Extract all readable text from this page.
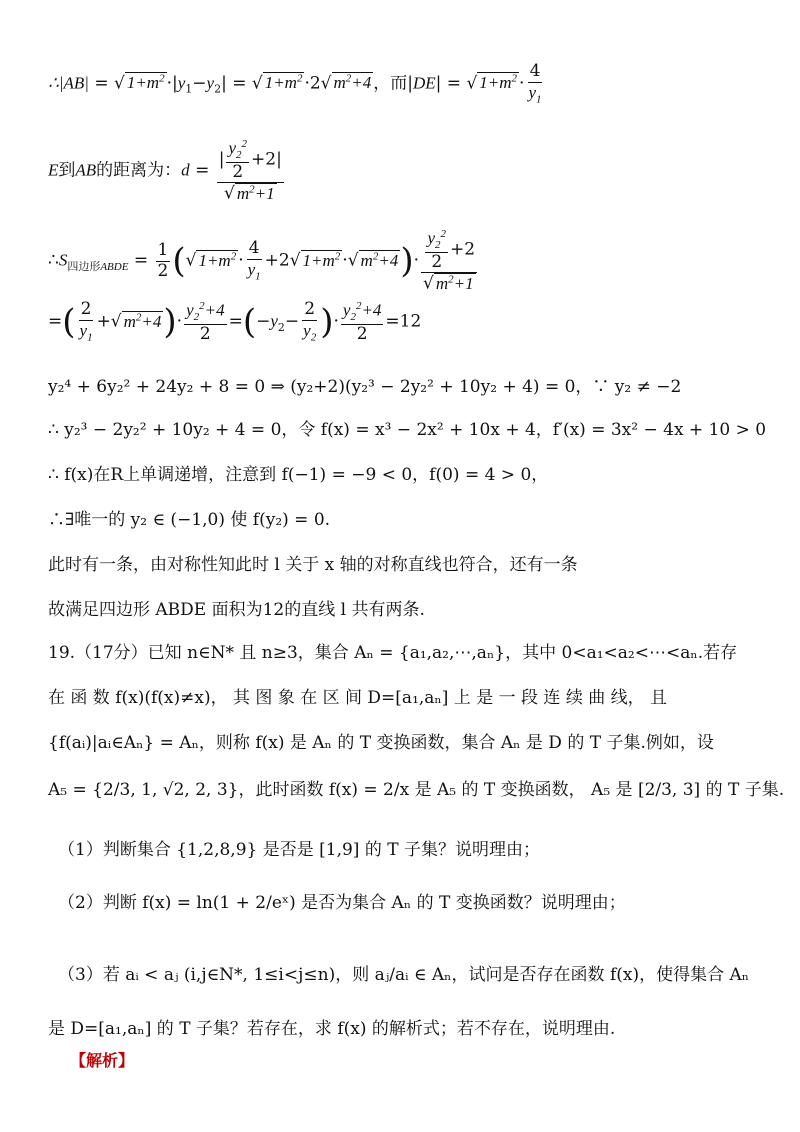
∴|AB| = √ $1+m^2 \cdot|y_1-y_2|$ = √ $1+m^2 \cdot 2√$ $m^2+4$ ，而|DE| = √ $1+m^2 \cdot \frac{4}{y_1}$
E到AB的距离为：$d = \frac{| \frac{y_2^2}{2} +2|}{√ m^2+1}$
$\therefore S_{四边形ABDE} = \frac{1}{2}$ (√ $1+m^2 \cdot \frac{4}{y_1} +2√$ $1+m^2$ ·√ $m^2+4)\cdot \frac{\frac{y_2^2}{2} +2}{√ m^2+1}$
=( $\frac{2}{y_1}$ +√ $m^2+4)\cdot \frac{y_2^2+4}{2} =(-y_2- \frac{2}{y_2}$ )· $\frac{y_2^2+4}{2} =12$
y₂⁴ + 6y₂² + 24y₂ + 8 = 0 ⇒ (y₂+2)(y₂³ − 2y₂² + 10y₂ + 4) = 0，∵ y₂ ≠ −2
∴ y₂³ − 2y₂² + 10y₂ + 4 = 0，令 f(x) = x³ − 2x² + 10x + 4，f′(x) = 3x² − 4x + 10 > 0
∴ f(x)在R上单调递增，注意到 f(−1) = −9 < 0，f(0) = 4 > 0，
∴∃唯一的 y₂ ∈ (−1,0) 使 f(y₂) = 0.
此时有一条，由对称性知此时 l 关于 x 轴的对称直线也符合，还有一条
故满足四边形 ABDE 面积为12的直线 l 共有两条.
19.（17分）已知 n∈N* 且 n≥3，集合 Aₙ = {a₁,a₂,⋯,aₙ}，其中 0<a₁<a₂<⋯<aₙ.若存
在 函 数 f(x)(f(x)≠x)， 其 图 象 在 区 间 D=[a₁,aₙ] 上 是 一 段 连 续 曲 线， 且
{f(aᵢ)|aᵢ∈Aₙ} = Aₙ，则称 f(x) 是 Aₙ 的 T 变换函数，集合 Aₙ 是 D 的 T 子集.例如，设
A₅ = {2/3, 1, √2, 2, 3}，此时函数 f(x) = 2/x 是 A₅ 的 T 变换函数， A₅ 是 [2/3, 3] 的 T 子集.
（1）判断集合 {1,2,8,9} 是否是 [1,9] 的 T 子集？说明理由；
（2）判断 f(x) = ln(1 + 2/eˣ) 是否为集合 Aₙ 的 T 变换函数？说明理由；
（3）若 aᵢ < aⱼ (i,j∈N*, 1≤i<j≤n)，则 aⱼ/aᵢ ∈ Aₙ，试问是否存在函数 f(x)，使得集合 Aₙ
是 D=[a₁,aₙ] 的 T 子集？若存在，求 f(x) 的解析式；若不存在，说明理由.
【解析】
